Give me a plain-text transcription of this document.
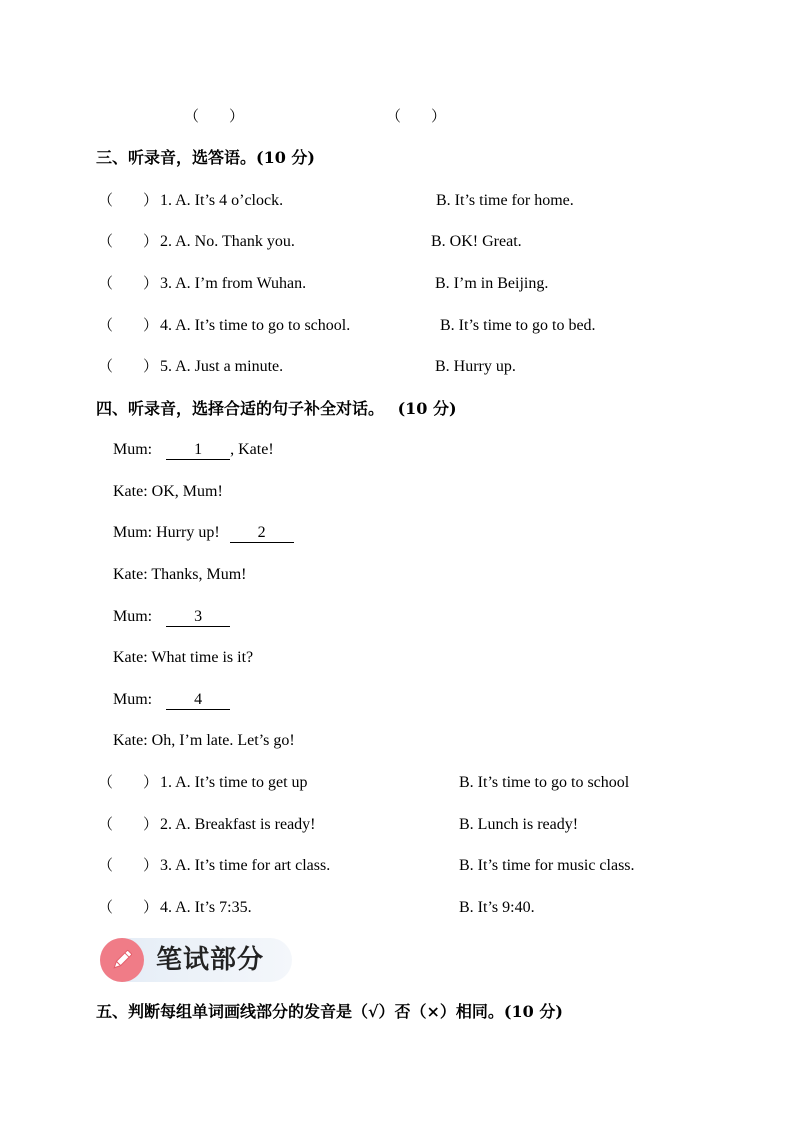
（　　）	（　　）
三、听录音，选答语。(10 分)
（　　） 1. A. It’s 4 o’clock.	B. It’s time for home.
（　　） 2. A. No. Thank you.	B. OK! Great.
（　　） 3. A. I’m from Wuhan.	B. I’m in Beijing.
（　　） 4. A. It’s time to go to school.	B. It’s time to go to bed.
（　　） 5. A. Just a minute.	B. Hurry up.
四、听录音，选择合适的句子补全对话。 (10 分)
Mum:	1 , Kate!
Kate: OK, Mum!
Mum: Hurry up! 2
Kate: Thanks, Mum!
Mum:	3
Kate: What time is it?
Mum:	4
Kate: Oh, I’m late. Let’s go!
（　　） 1. A. It’s time to get up	B. It’s time to go to school
（　　） 2. A. Breakfast is ready!	B. Lunch is ready!
（　　） 3. A. It’s time for art class.	B. It’s time for music class.
（　　） 4. A. It’s 7:35.	B. It’s 9:40.
笔试部分
五、判断每组单词画线部分的发音是（√）否（×）相同。(10 分)
